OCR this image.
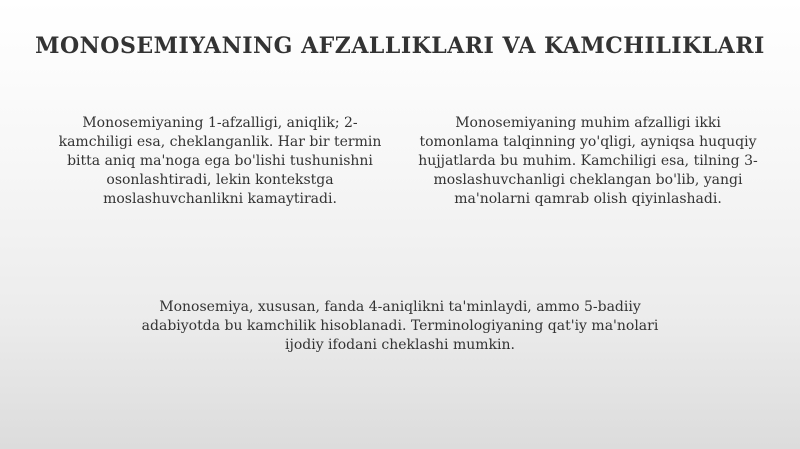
MONOSEMIYANING AFZALLIKLARI VA KAMCHILIKLARI
Monosemiyaning 1-afzalligi, aniqlik; 2-kamchiligi esa, cheklanganlik. Har bir termin bitta aniq ma'noga ega bo'lishi tushunishni osonlashtiradi, lekin kontekstga moslashuvchanlikni kamaytiradi.
Monosemiyaning muhim afzalligi ikki tomonlama talqinning yo'qligi, ayniqsa huquqiy hujjatlarda bu muhim. Kamchiligi esa, tilning 3-moslashuvchanligi cheklangan bo'lib, yangi ma'nolarni qamrab olish qiyinlashadi.
Monosemiya, xususan, fanda 4-aniqlikni ta'minlaydi, ammo 5-badiiy adabiyotda bu kamchilik hisoblanadi. Terminologiyaning qat'iy ma'nolari ijodiy ifodani cheklashi mumkin.
